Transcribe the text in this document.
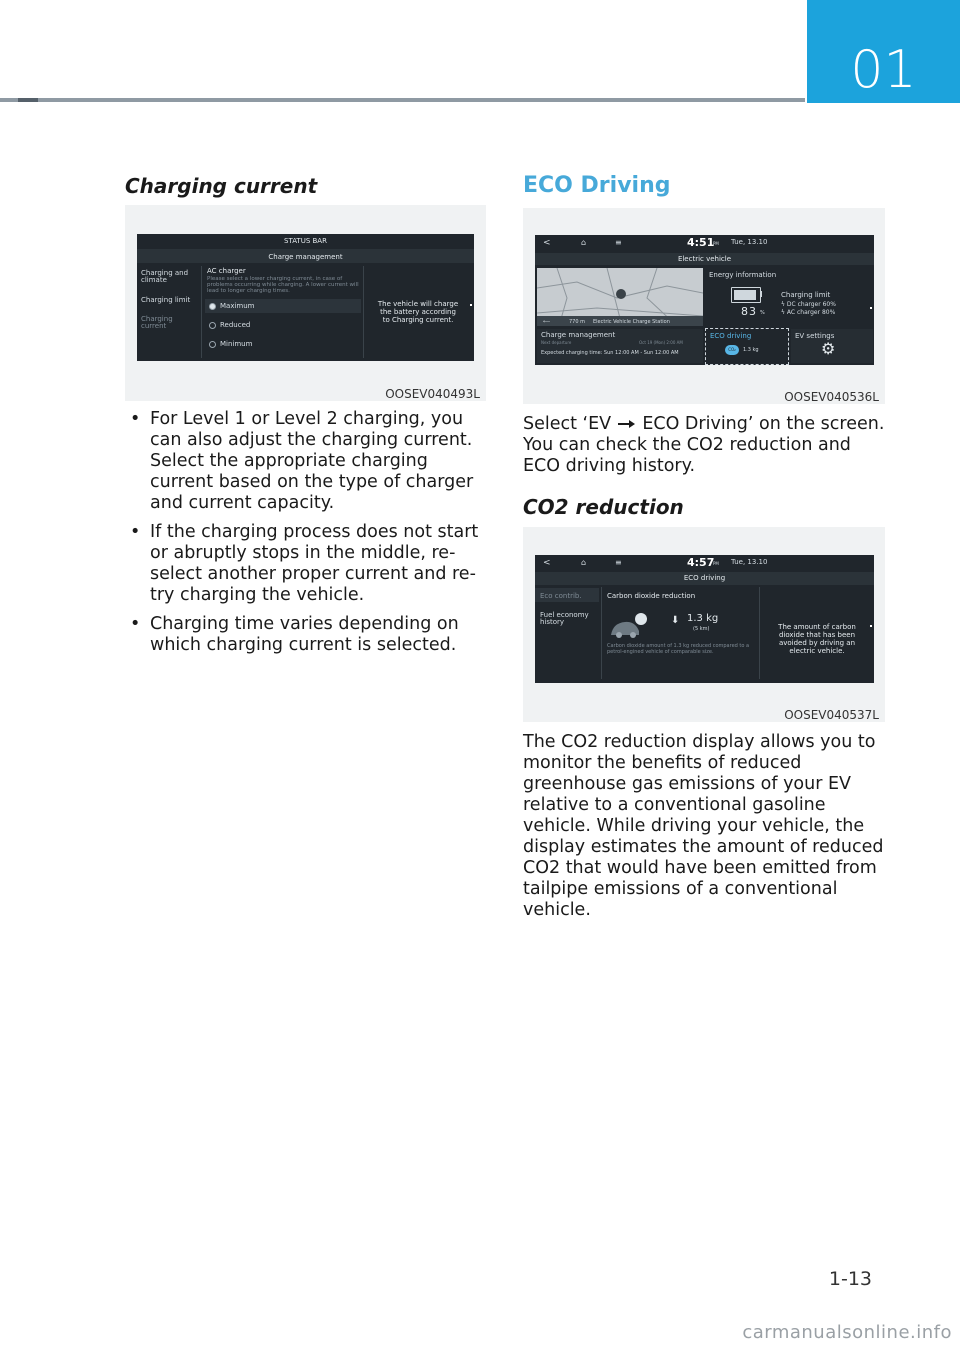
01
Charging current
STATUS BAR
Charge management
Charging and climate
Charging limit
Charging current
AC charger
Please select a lower charging current, in case of problems occurring while charging. A lower current will lead to longer charging times.
Maximum
Reduced
Minimum
The vehicle will charge the battery according to Charging current.
OOSEV040493L
• For Level 1 or Level 2 charging, you can also adjust the charging current. Select the appropriate charging current based on the type of charger and current capacity.
• If the charging process does not start or abruptly stops in the middle, re-select another proper current and re-try charging the vehicle.
• Charging time varies depending on which charging current is selected.
ECO Driving
<	⌂	≡	4:51
PM Tue, 13.10
Electric vehicle
⟵	770 m Electric Vehicle Charge Station
Energy information
83 %
Charging limit
ϟ DC charger 60%
ϟ AC charger 80%
Charge management
Next departure	Oct 19 (Mon) 2:00 AM
Expected charging time: Sun 12:00 AM - Sun 12:00 AM
ECO driving
CO₂	1.3 kg
EV settings
⚙
OOSEV040536L
Select ‘EV ECO Driving’ on the screen. You can check the CO2 reduction and ECO driving history.
CO2 reduction
<	⌂	≡	4:57
PM Tue, 13.10
ECO driving
Eco contrib.
Fuel economy history
Carbon dioxide reduction
⬇ 1.3 kg
(5 km)
Carbon dioxide amount of 1.3 kg reduced compared to a petrol-engined vehicle of comparable size.
The amount of carbon dioxide that has been avoided by driving an electric vehicle.
OOSEV040537L
The CO2 reduction display allows you to monitor the benefits of reduced greenhouse gas emissions of your EV relative to a conventional gasoline vehicle. While driving your vehicle, the display estimates the amount of reduced CO2 that would have been emitted from tailpipe emissions of a conventional vehicle.
1-13
carmanualsonline.info
